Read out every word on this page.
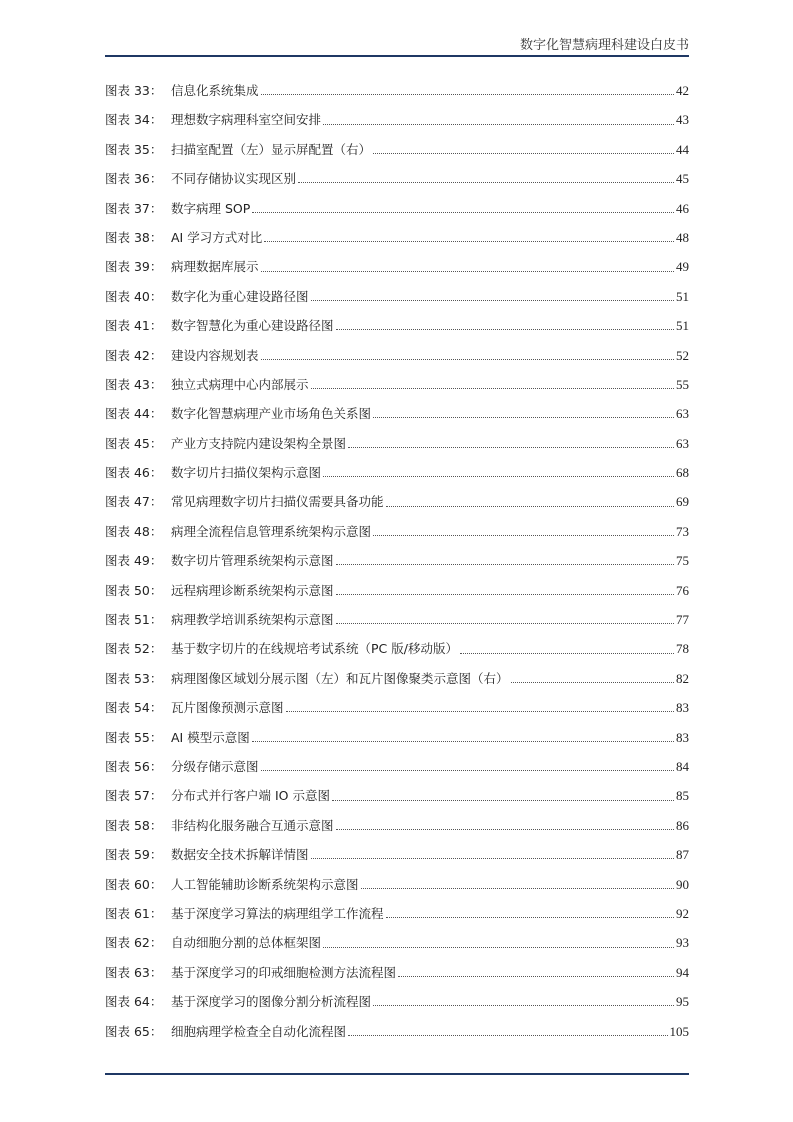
数字化智慧病理科建设白皮书
图表 33： 信息化系统集成	42
图表 34： 理想数字病理科室空间安排	43
图表 35： 扫描室配置（左）显示屏配置（右）	44
图表 36： 不同存储协议实现区别	45
图表 37： 数字病理 SOP	46
图表 38： AI 学习方式对比	48
图表 39： 病理数据库展示	49
图表 40： 数字化为重心建设路径图	51
图表 41： 数字智慧化为重心建设路径图	51
图表 42： 建设内容规划表	52
图表 43： 独立式病理中心内部展示	55
图表 44： 数字化智慧病理产业市场角色关系图	63
图表 45： 产业方支持院内建设架构全景图	63
图表 46： 数字切片扫描仪架构示意图	68
图表 47： 常见病理数字切片扫描仪需要具备功能	69
图表 48： 病理全流程信息管理系统架构示意图	73
图表 49： 数字切片管理系统架构示意图	75
图表 50： 远程病理诊断系统架构示意图	76
图表 51： 病理教学培训系统架构示意图	77
图表 52： 基于数字切片的在线规培考试系统（PC 版/移动版）	78
图表 53： 病理图像区域划分展示图（左）和瓦片图像聚类示意图（右）	82
图表 54： 瓦片图像预测示意图	83
图表 55： AI 模型示意图	83
图表 56： 分级存储示意图	84
图表 57： 分布式并行客户端 IO 示意图	85
图表 58： 非结构化服务融合互通示意图	86
图表 59： 数据安全技术拆解详情图	87
图表 60： 人工智能辅助诊断系统架构示意图	90
图表 61： 基于深度学习算法的病理组学工作流程	92
图表 62： 自动细胞分割的总体框架图	93
图表 63： 基于深度学习的印戒细胞检测方法流程图	94
图表 64： 基于深度学习的图像分割分析流程图	95
图表 65： 细胞病理学检查全自动化流程图	105
